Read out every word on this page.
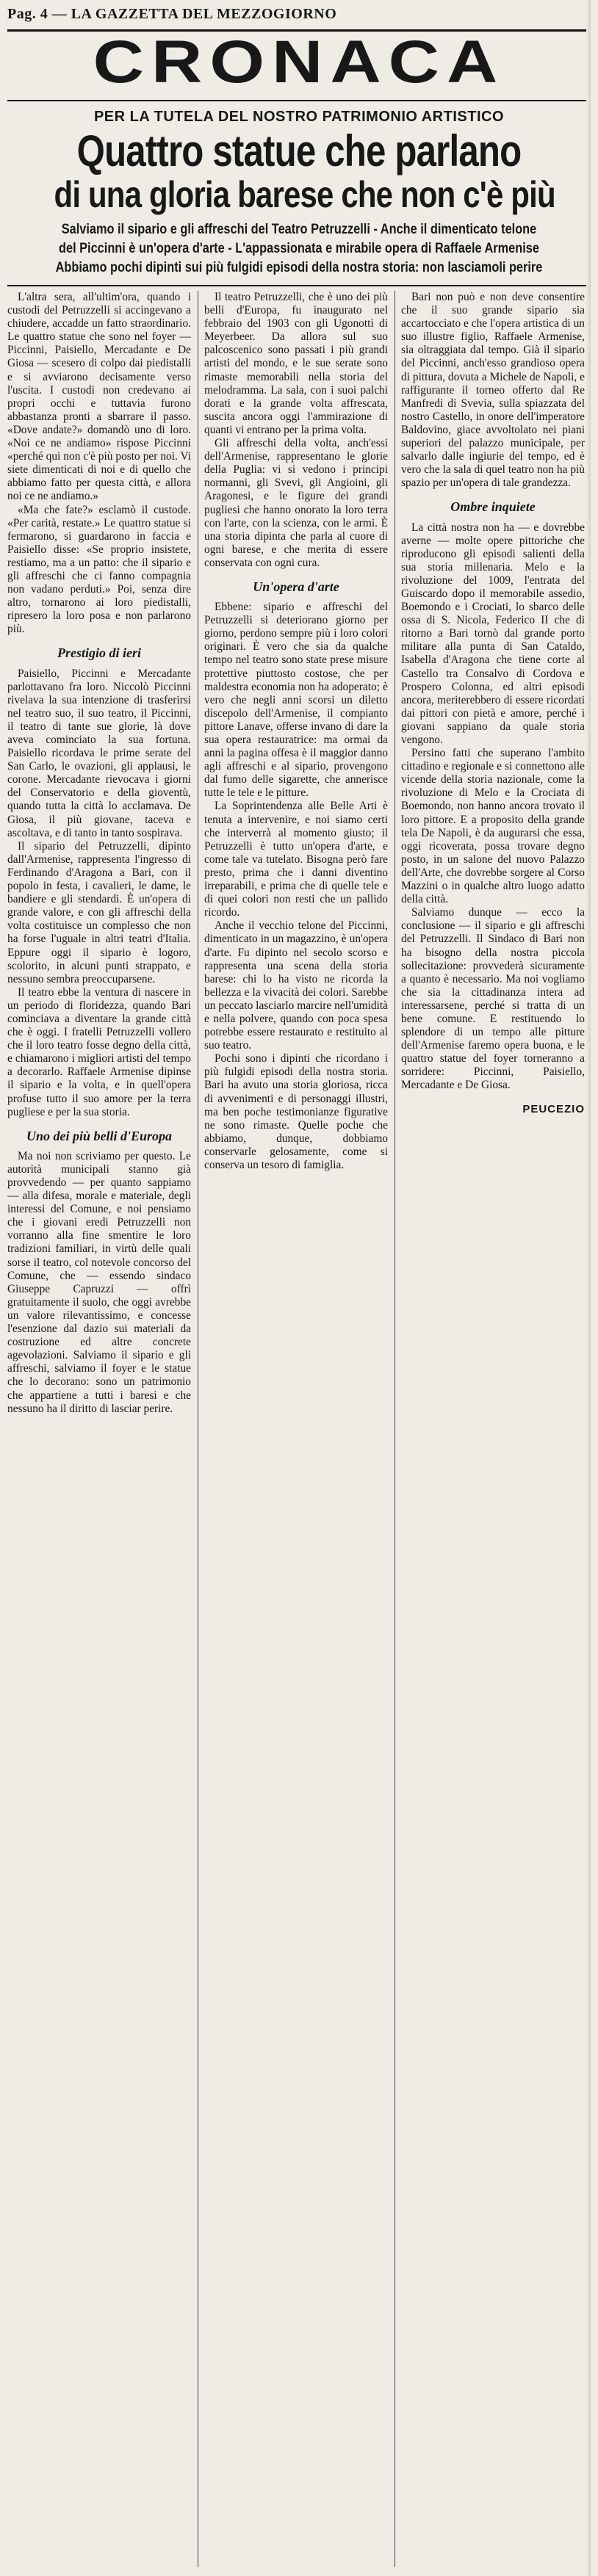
Pag. 4 — LA GAZZETTA DEL MEZZOGIORNO
CRONACA
PER LA TUTELA DEL NOSTRO PATRIMONIO ARTISTICO
Quattro statue che parlano
di una gloria barese che non c'è più
Salviamo il sipario e gli affreschi del Teatro Petruzzelli - Anche il dimenticato telone
del Piccinni è un'opera d'arte - L'appassionata e mirabile opera di Raffaele Armenise
Abbiamo pochi dipinti sui più fulgidi episodi della nostra storia: non lasciamoli perire

L'altra sera, all'ultim'ora, quando i custodi del Petruzzelli si accingevano a chiudere, accadde un fatto straordinario. Le quattro statue che sono nel foyer — Piccinni, Paisiello, Mercadante e De Giosa — scesero di colpo dai piedistalli e si avviarono decisamente verso l'uscita. I custodi non credevano ai propri occhi e tuttavia furono abbastanza pronti a sbarrare il passo. «Dove andate?» domandò uno di loro. «Noi ce ne andiamo» rispose Piccinni «perché qui non c'è più posto per noi. Vi siete dimenticati di noi e di quello che abbiamo fatto per questa città, e allora noi ce ne andiamo.»

«Ma che fate?» esclamò il custode. «Per carità, restate.» Le quattro statue si fermarono, si guardarono in faccia e Paisiello disse: «Se proprio insistete, restiamo, ma a un patto: che il sipario e gli affreschi che ci fanno compagnia non vadano perduti.» Poi, senza dire altro, tornarono ai loro piedistalli, ripresero la loro posa e non parlarono più.

Prestigio di ieri

Paisiello, Piccinni e Mercadante parlottavano fra loro. Niccolò Piccinni rivelava la sua intenzione di trasferirsi nel teatro suo, il suo teatro, il Piccinni, il teatro di tante sue glorie, là dove aveva cominciato la sua fortuna. Paisiello ricordava le prime serate del San Carlo, le ovazioni, gli applausi, le corone. Mercadante rievocava i giorni del Conservatorio e della gioventù, quando tutta la città lo acclamava. De Giosa, il più giovane, taceva e ascoltava, e di tanto in tanto sospirava.

Il sipario del Petruzzelli, dipinto dall'Armenise, rappresenta l'ingresso di Ferdinando d'Aragona a Bari, con il popolo in festa, i cavalieri, le dame, le bandiere e gli stendardi. È un'opera di grande valore, e con gli affreschi della volta costituisce un complesso che non ha forse l'uguale in altri teatri d'Italia. Eppure oggi il sipario è logoro, scolorito, in alcuni punti strappato, e nessuno sembra preoccuparsene.

Il teatro ebbe la ventura di nascere in un periodo di floridezza, quando Bari cominciava a diventare la grande città che è oggi. I fratelli Petruzzelli vollero che il loro teatro fosse degno della città, e chiamarono i migliori artisti del tempo a decorarlo. Raffaele Armenise dipinse il sipario e la volta, e in quell'opera profuse tutto il suo amore per la terra pugliese e per la sua storia.

Uno dei più belli d'Europa

Ma noi non scriviamo per questo. Le autorità municipali stanno già provvedendo — per quanto sappiamo — alla difesa, morale e materiale, degli interessi del Comune, e noi pensiamo che i giovani eredi Petruzzelli non vorranno alla fine smentire le loro tradizioni familiari, in virtù delle quali sorse il teatro, col notevole concorso del Comune, che — essendo sindaco Giuseppe Capruzzi — offrì gratuitamente il suolo, che oggi avrebbe un valore rilevantissimo, e concesse l'esenzione dal dazio sui materiali da costruzione ed altre concrete agevolazioni. Salviamo il sipario e gli affreschi, salviamo il foyer e le statue che lo decorano: sono un patrimonio che appartiene a tutti i baresi e che nessuno ha il diritto di lasciar perire.

Il teatro Petruzzelli, che è uno dei più belli d'Europa, fu inaugurato nel febbraio del 1903 con gli Ugonotti di Meyerbeer. Da allora sul suo palcoscenico sono passati i più grandi artisti del mondo, e le sue serate sono rimaste memorabili nella storia del melodramma. La sala, con i suoi palchi dorati e la grande volta affrescata, suscita ancora oggi l'ammirazione di quanti vi entrano per la prima volta.

Gli affreschi della volta, anch'essi dell'Armenise, rappresentano le glorie della Puglia: vi si vedono i principi normanni, gli Svevi, gli Angioini, gli Aragonesi, e le figure dei grandi pugliesi che hanno onorato la loro terra con l'arte, con la scienza, con le armi. È una storia dipinta che parla al cuore di ogni barese, e che merita di essere conservata con ogni cura.

Un'opera d'arte

Ebbene: sipario e affreschi del Petruzzelli si deteriorano giorno per giorno, perdono sempre più i loro colori originari. È vero che sia da qualche tempo nel teatro sono state prese misure protettive piuttosto costose, che per maldestra economia non ha adoperato; è vero che negli anni scorsi un diletto discepolo dell'Armenise, il compianto pittore Lanave, offerse invano di dare la sua opera restauratrice: ma ormai da anni la pagina offesa è il maggior danno agli affreschi e al sipario, provengono dal fumo delle sigarette, che annerisce tutte le tele e le pitture.

La Soprintendenza alle Belle Arti è tenuta a intervenire, e noi siamo certi che interverrà al momento giusto; il Petruzzelli è tutto un'opera d'arte, e come tale va tutelato. Bisogna però fare presto, prima che i danni diventino irreparabili, e prima che di quelle tele e di quei colori non resti che un pallido ricordo.

Anche il vecchio telone del Piccinni, dimenticato in un magazzino, è un'opera d'arte. Fu dipinto nel secolo scorso e rappresenta una scena della storia barese: chi lo ha visto ne ricorda la bellezza e la vivacità dei colori. Sarebbe un peccato lasciarlo marcire nell'umidità e nella polvere, quando con poca spesa potrebbe essere restaurato e restituito al suo teatro.

Pochi sono i dipinti che ricordano i più fulgidi episodi della nostra storia. Bari ha avuto una storia gloriosa, ricca di avvenimenti e di personaggi illustri, ma ben poche testimonianze figurative ne sono rimaste. Quelle poche che abbiamo, dunque, dobbiamo conservarle gelosamente, come si conserva un tesoro di famiglia.

Bari non può e non deve consentire che il suo grande sipario sia accartocciato e che l'opera artistica di un suo illustre figlio, Raffaele Armenise, sia oltraggiata dal tempo. Già il sipario del Piccinni, anch'esso grandioso opera di pittura, dovuta a Michele de Napoli, e raffigurante il torneo offerto dal Re Manfredi di Svevia, sulla spiazzata del nostro Castello, in onore dell'imperatore Baldovino, giace avvoltolato nei piani superiori del palazzo municipale, per salvarlo dalle ingiurie del tempo, ed è vero che la sala di quel teatro non ha più spazio per un'opera di tale grandezza.

Ombre inquiete

La città nostra non ha — e dovrebbe averne — molte opere pittoriche che riproducono gli episodi salienti della sua storia millenaria. Melo e la rivoluzione del 1009, l'entrata del Guiscardo dopo il memorabile assedio, Boemondo e i Crociati, lo sbarco delle ossa di S. Nicola, Federico II che di ritorno a Bari tornò dal grande porto militare alla punta di San Cataldo, Isabella d'Aragona che tiene corte al Castello tra Consalvo di Cordova e Prospero Colonna, ed altri episodi ancora, meriterebbero di essere ricordati dai pittori con pietà e amore, perché i giovani sappiano da quale storia vengono.

Persino fatti che superano l'ambito cittadino e regionale e si connettono alle vicende della storia nazionale, come la rivoluzione di Melo e la Crociata di Boemondo, non hanno ancora trovato il loro pittore. E a proposito della grande tela De Napoli, è da augurarsi che essa, oggi ricoverata, possa trovare degno posto, in un salone del nuovo Palazzo dell'Arte, che dovrebbe sorgere al Corso Mazzini o in qualche altro luogo adatto della città.

Salviamo dunque — ecco la conclusione — il sipario e gli affreschi del Petruzzelli. Il Sindaco di Bari non ha bisogno della nostra piccola sollecitazione: provvederà sicuramente a quanto è necessario. Ma noi vogliamo che sia la cittadinanza intera ad interessarsene, perché si tratta di un bene comune. E restituendo lo splendore di un tempo alle pitture dell'Armenise faremo opera buona, e le quattro statue del foyer torneranno a sorridere: Piccinni, Paisiello, Mercadante e De Giosa.

PEUCEZIO
